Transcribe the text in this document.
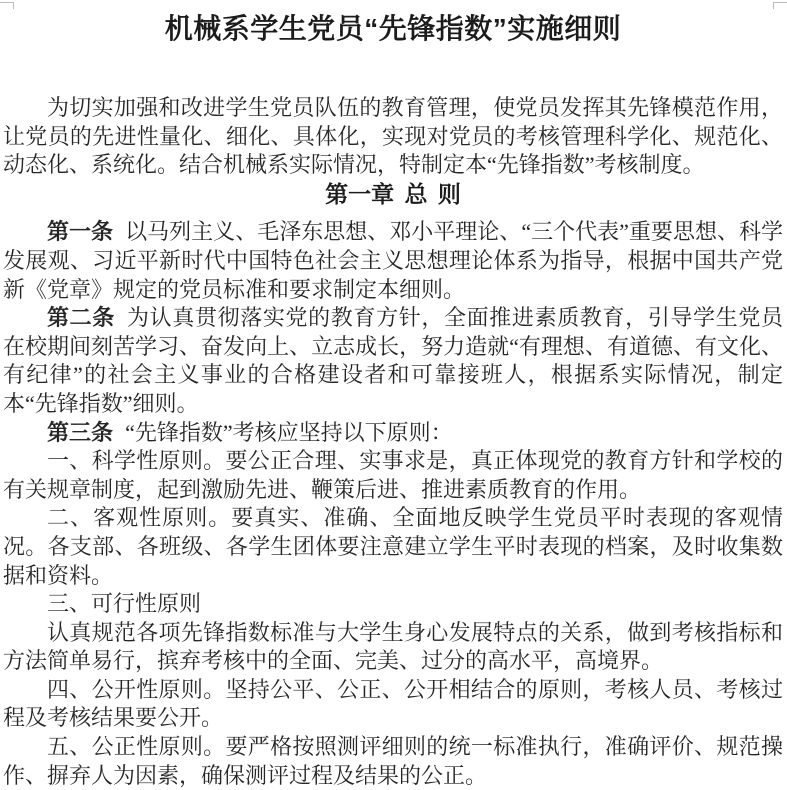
机械系学生党员“先锋指数”实施细则

为切实加强和改进学生党员队伍的教育管理，使党员发挥其先锋模范作用，让党员的先进性量化、细化、具体化，实现对党员的考核管理科学化、规范化、动态化、系统化。结合机械系实际情况，特制定本“先锋指数”考核制度。

第一章 总 则

第一条 以马列主义、毛泽东思想、邓小平理论、“三个代表”重要思想、科学发展观、习近平新时代中国特色社会主义思想理论体系为指导，根据中国共产党新《党章》规定的党员标准和要求制定本细则。

第二条 为认真贯彻落实党的教育方针，全面推进素质教育，引导学生党员在校期间刻苦学习、奋发向上、立志成长，努力造就“有理想、有道德、有文化、有纪律”的社会主义事业的合格建设者和可靠接班人，根据系实际情况，制定本“先锋指数”细则。

第三条 “先锋指数”考核应坚持以下原则：

一、科学性原则。要公正合理、实事求是，真正体现党的教育方针和学校的有关规章制度，起到激励先进、鞭策后进、推进素质教育的作用。

二、客观性原则。要真实、准确、全面地反映学生党员平时表现的客观情况。各支部、各班级、各学生团体要注意建立学生平时表现的档案，及时收集数据和资料。

三、可行性原则

认真规范各项先锋指数标准与大学生身心发展特点的关系，做到考核指标和方法简单易行，摈弃考核中的全面、完美、过分的高水平，高境界。

四、公开性原则。坚持公平、公正、公开相结合的原则，考核人员、考核过程及考核结果要公开。

五、公正性原则。要严格按照测评细则的统一标准执行，准确评价、规范操作、摒弃人为因素，确保测评过程及结果的公正。
